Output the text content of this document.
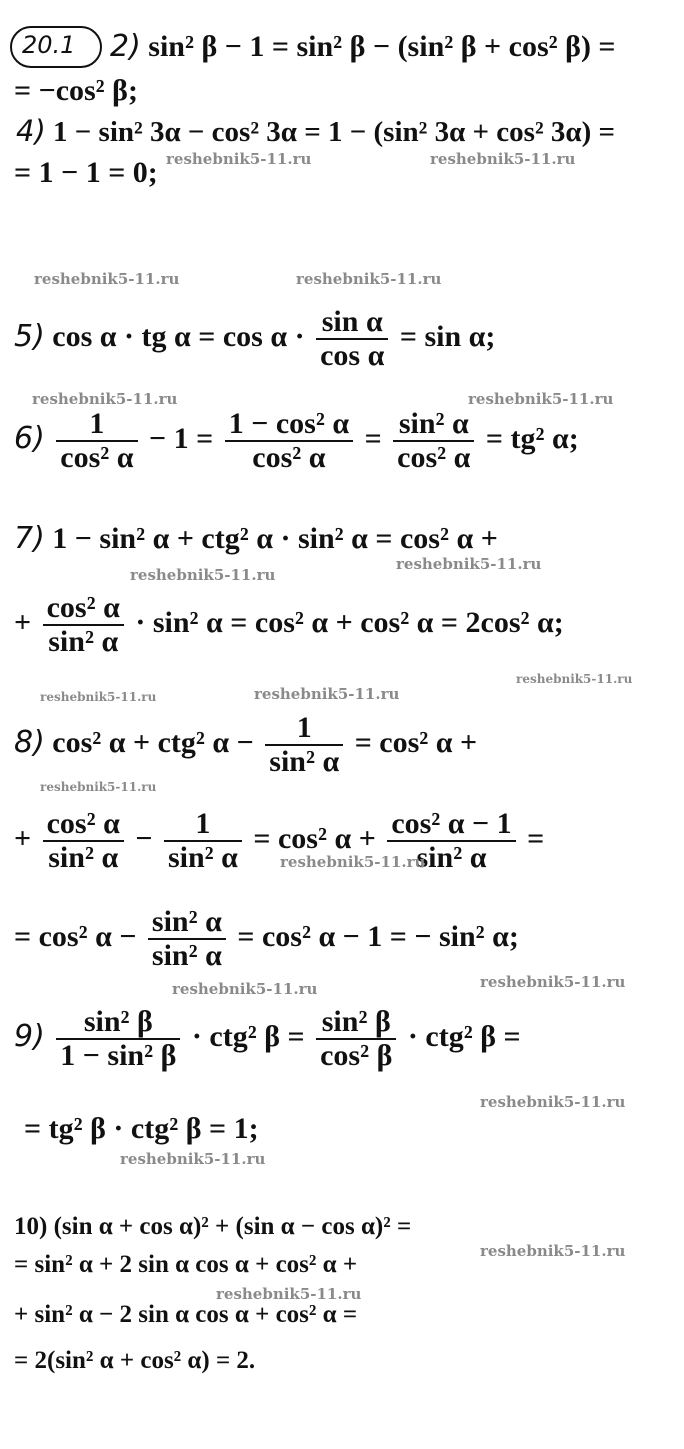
20.1 2) sin² β − 1 = sin² β − (sin² β + cos² β) =
= −cos² β;
4) 1 − sin² 3α − cos² 3α = 1 − (sin² 3α + cos² 3α) =
= 1 − 1 = 0;
5) cos α · tg $\alpha = \cos \alpha \cdot \frac{\text{sin α}}{\text{cos α}} = \sin \alpha$;
$6) \frac{1}{\text{cos² α}} - 1 = \frac{\text{1 − cos² α}}{\text{cos² α}} = \frac{\text{sin² α}}{\text{cos² α}} = tg^2$ α;
7) 1 − sin² α + ctg² α · sin² α = cos² α +
+ $\frac{\text{cos² α}}{\text{sin² α}} \cdot \sin^2$ α = cos² α + cos² α = 2cos² α;
8) cos² α + ctg² $\alpha - \frac{1}{\text{sin² α}} = \cos^2$ α +
+ $\frac{\text{cos² α}}{\text{sin² α}} - \frac{1}{\text{sin² α}} = \cos^2$ $\alpha + \frac{\text{cos² α − 1}}{\text{sin² α}}$ =
= cos² $\alpha - \frac{\text{sin² α}}{\text{sin² α}} = \cos^2$ α − 1 = − sin² α;
$9) \frac{\text{sin² β}}{\text{1 − sin² β}} \cdot ctg^2$ $\beta = \frac{\text{sin² β}}{\text{cos² β}} \cdot ctg^2$ β =
= tg² β · ctg² β = 1;
10) (sin α + cos α)² + (sin α − cos α)² =
= sin² α + 2 sin α cos α + cos² α +
+ sin² α − 2 sin α cos α + cos² α =
= 2(sin² α + cos² α) = 2.
reshebnik5-11.ru	reshebnik5-11.ru
reshebnik5-11.ru	reshebnik5-11.ru
reshebnik5-11.ru	reshebnik5-11.ru
reshebnik5-11.ru
reshebnik5-11.ru
reshebnik5-11.ru	reshebnik5-11.ru
reshebnik5-11.ru
reshebnik5-11.ru
reshebnik5-11.ru
reshebnik5-11.ru
reshebnik5-11.ru
reshebnik5-11.ru
reshebnik5-11.ru
reshebnik5-11.ru
reshebnik5-11.ru
